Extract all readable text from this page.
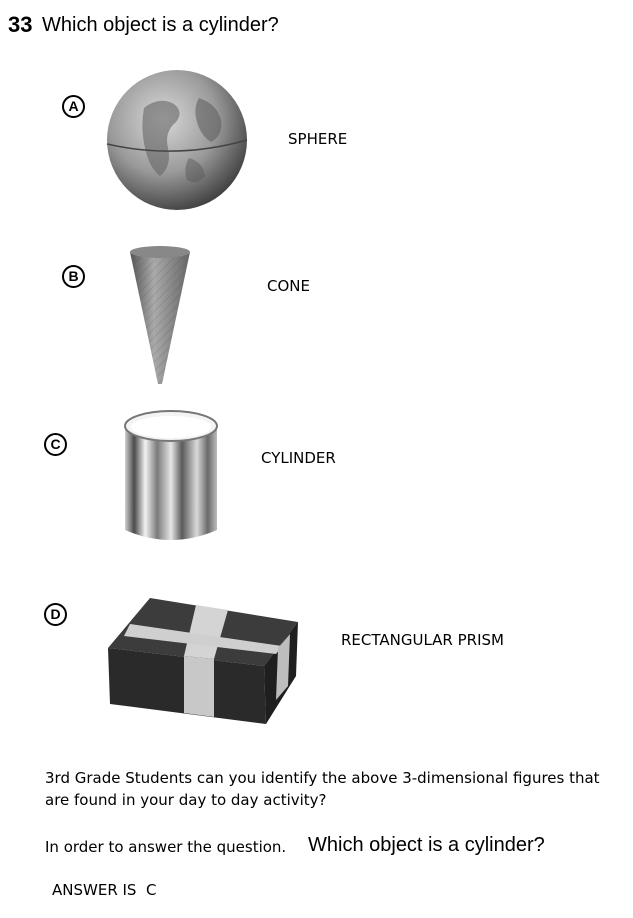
33 Which object is a cylinder?
A
SPHERE
B
CONE
C
CYLINDER
D
RECTANGULAR PRISM
3rd Grade Students can you identify the above 3-dimensional figures that
are found in your day to day activity?
In order to answer the question. Which object is a cylinder?
ANSWER IS  C
